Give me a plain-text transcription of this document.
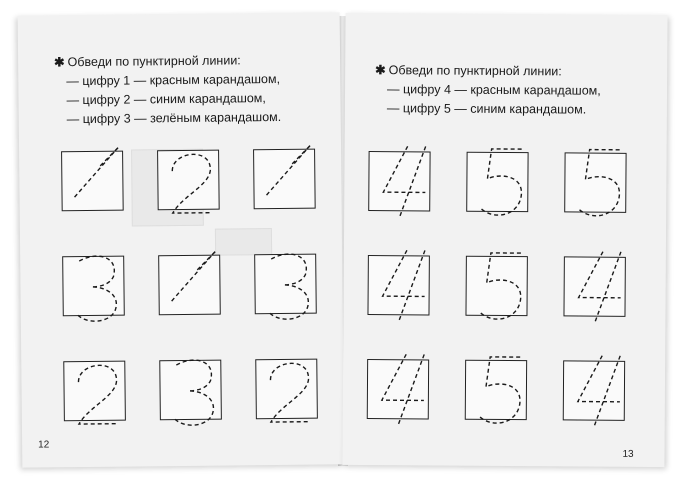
✱ Обведи по пунктирной линии:
— цифру 1 — красным карандашом,
— цифру 2 — синим карандашом,
— цифру 3 — зелёным карандашом.
12
✱ Обведи по пунктирной линии:
— цифру 4 — красным карандашом,
— цифру 5 — синим карандашом.
13
